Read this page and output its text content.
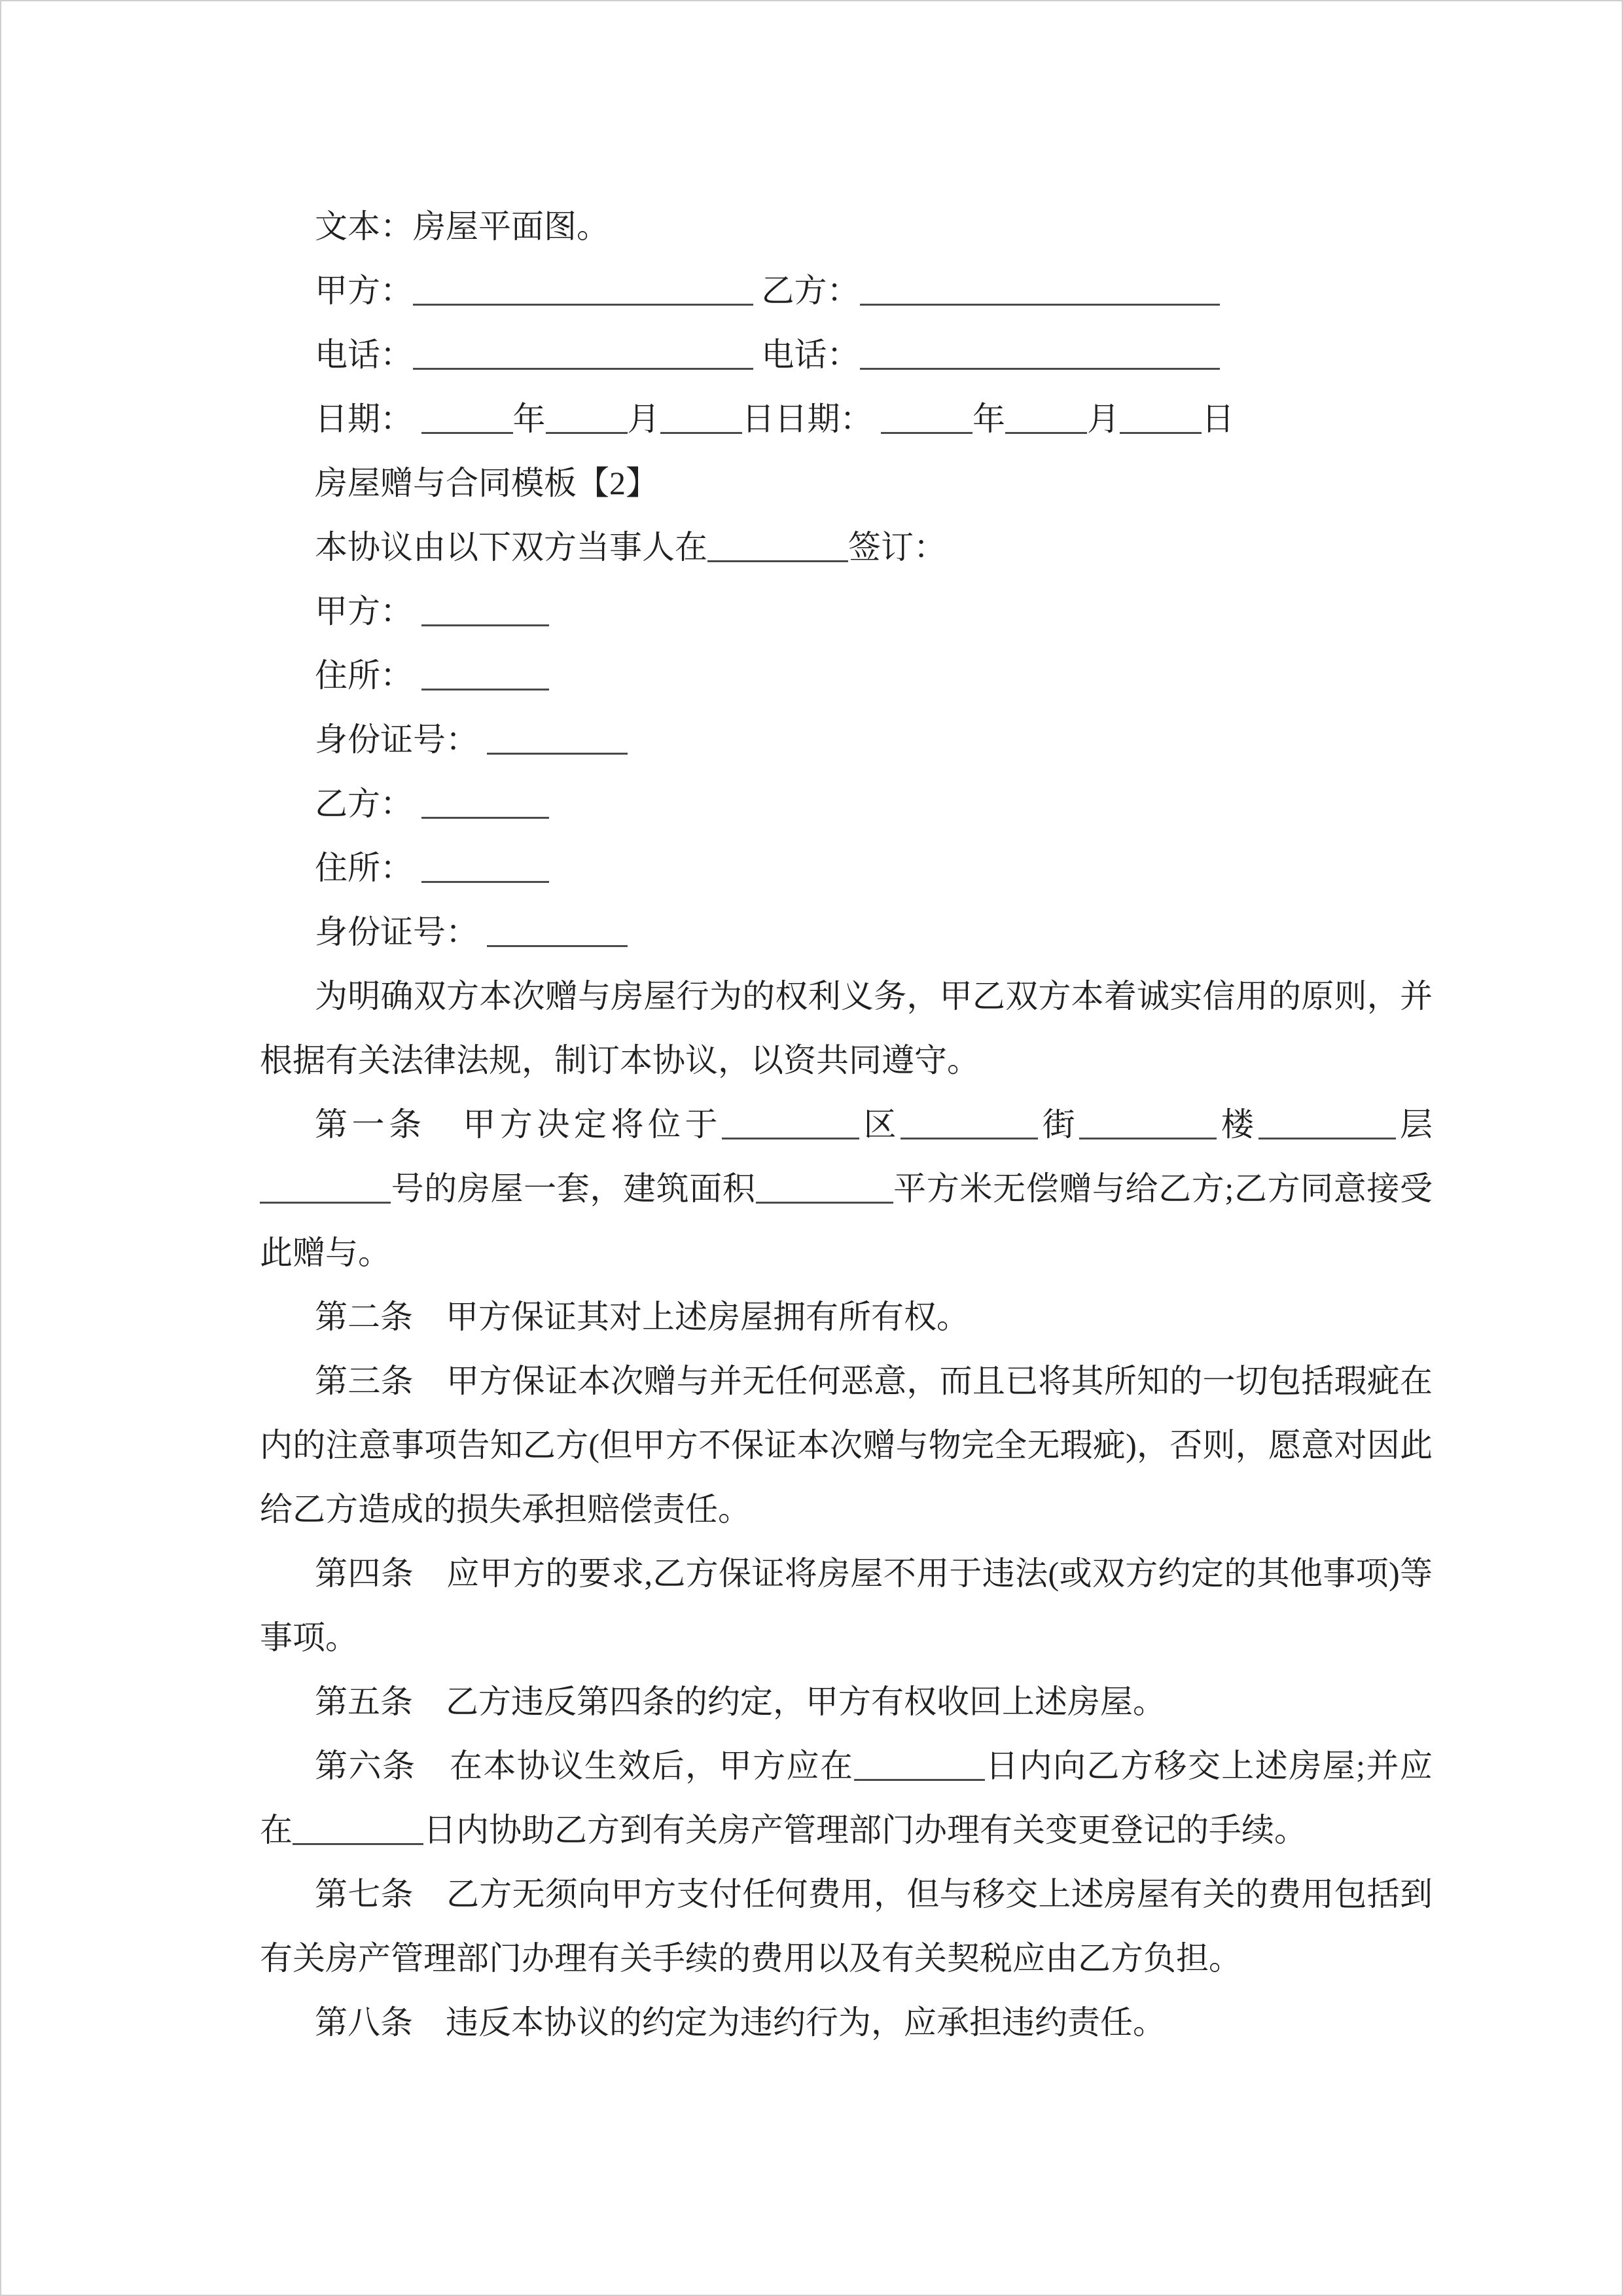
文本：房屋平面图。

甲方：	乙方：

电话：	电话：

日期：	年	月	日日期：	年	月	日

房屋赠与合同模板【2】

本协议由以下双方当事人在	签订：

甲方：

住所：

身份证号：

乙方：

住所：

身份证号：

为明确双方本次赠与房屋行为的权利义务，甲乙双方本着诚实信用的原则，并根据有关法律法规，制订本协议，以资共同遵守。

第一条　甲方决定将位于	区	街	楼	层号的房屋一套，建筑面积	平方米无偿赠与给乙方;乙方同意接受此赠与。

第二条　甲方保证其对上述房屋拥有所有权。

第三条　甲方保证本次赠与并无任何恶意，而且已将其所知的一切包括瑕疵在内的注意事项告知乙方(但甲方不保证本次赠与物完全无瑕疵)，否则，愿意对因此给乙方造成的损失承担赔偿责任。

第四条　应甲方的要求,乙方保证将房屋不用于违法(或双方约定的其他事项)等事项。

第五条　乙方违反第四条的约定，甲方有权收回上述房屋。

第六条　在本协议生效后，甲方应在	日内向乙方移交上述房屋;并应在	日内协助乙方到有关房产管理部门办理有关变更登记的手续。

第七条　乙方无须向甲方支付任何费用，但与移交上述房屋有关的费用包括到有关房产管理部门办理有关手续的费用以及有关契税应由乙方负担。

第八条　违反本协议的约定为违约行为，应承担违约责任。
